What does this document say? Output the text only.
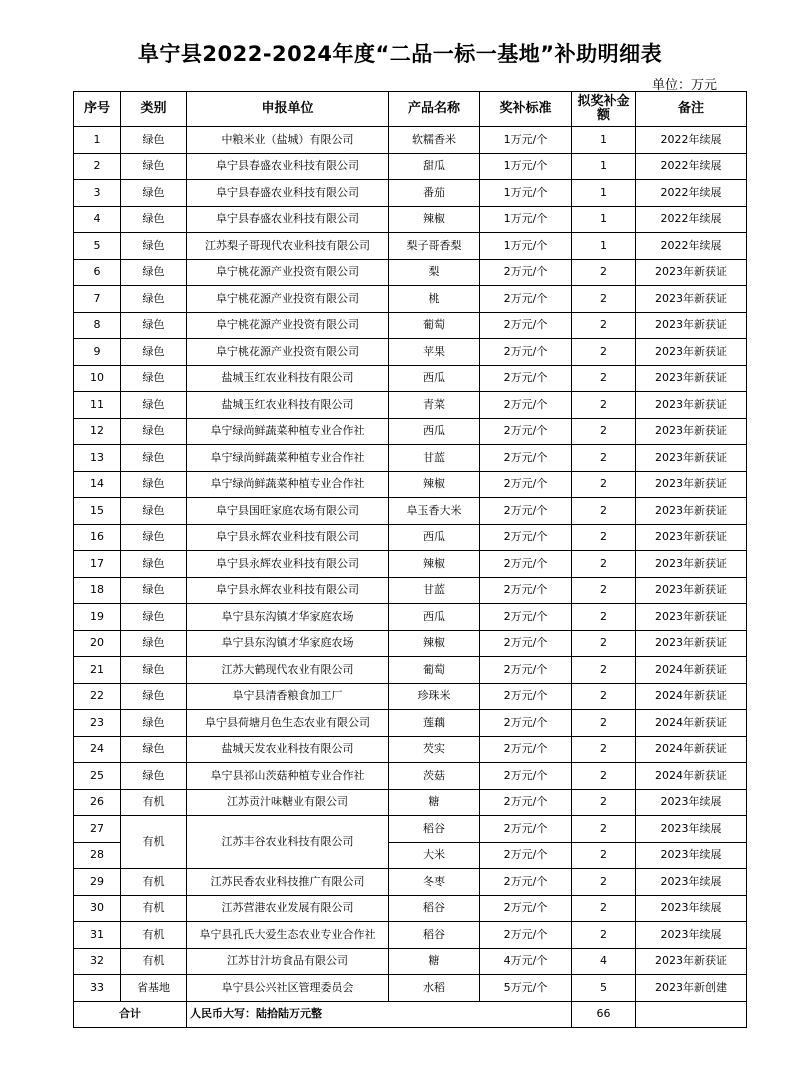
阜宁县2022-2024年度“二品一标一基地”补助明细表
单位：万元
序号	类别	申报单位	产品名称	奖补标准	拟奖补金额	备注
1	绿色	中粮米业（盐城）有限公司	软糯香米	1万元/个	1	2022年续展
2	绿色	阜宁县春盛农业科技有限公司	甜瓜	1万元/个	1	2022年续展
3	绿色	阜宁县春盛农业科技有限公司	番茄	1万元/个	1	2022年续展
4	绿色	阜宁县春盛农业科技有限公司	辣椒	1万元/个	1	2022年续展
5	绿色	江苏梨子哥现代农业科技有限公司	梨子哥香梨	1万元/个	1	2022年续展
6	绿色	阜宁桃花源产业投资有限公司	梨	2万元/个	2	2023年新获证
7	绿色	阜宁桃花源产业投资有限公司	桃	2万元/个	2	2023年新获证
8	绿色	阜宁桃花源产业投资有限公司	葡萄	2万元/个	2	2023年新获证
9	绿色	阜宁桃花源产业投资有限公司	苹果	2万元/个	2	2023年新获证
10	绿色	盐城玉红农业科技有限公司	西瓜	2万元/个	2	2023年新获证
11	绿色	盐城玉红农业科技有限公司	青菜	2万元/个	2	2023年新获证
12	绿色	阜宁绿尚鲜蔬菜种植专业合作社	西瓜	2万元/个	2	2023年新获证
13	绿色	阜宁绿尚鲜蔬菜种植专业合作社	甘蓝	2万元/个	2	2023年新获证
14	绿色	阜宁绿尚鲜蔬菜种植专业合作社	辣椒	2万元/个	2	2023年新获证
15	绿色	阜宁县国旺家庭农场有限公司	阜玉香大米	2万元/个	2	2023年新获证
16	绿色	阜宁县永辉农业科技有限公司	西瓜	2万元/个	2	2023年新获证
17	绿色	阜宁县永辉农业科技有限公司	辣椒	2万元/个	2	2023年新获证
18	绿色	阜宁县永辉农业科技有限公司	甘蓝	2万元/个	2	2023年新获证
19	绿色	阜宁县东沟镇才华家庭农场	西瓜	2万元/个	2	2023年新获证
20	绿色	阜宁县东沟镇才华家庭农场	辣椒	2万元/个	2	2023年新获证
21	绿色	江苏大鹤现代农业有限公司	葡萄	2万元/个	2	2024年新获证
22	绿色	阜宁县清香粮食加工厂	珍珠米	2万元/个	2	2024年新获证
23	绿色	阜宁县荷塘月色生态农业有限公司	莲藕	2万元/个	2	2024年新获证
24	绿色	盐城天发农业科技有限公司	芡实	2万元/个	2	2024年新获证
25	绿色	阜宁县祁山茨菇种植专业合作社	茨菇	2万元/个	2	2024年新获证
26	有机	江苏贡汁味糖业有限公司	糖	2万元/个	2	2023年续展
27	有机	江苏丰谷农业科技有限公司	稻谷	2万元/个	2	2023年续展
28			大米	2万元/个	2	2023年续展
29	有机	江苏民香农业科技推广有限公司	冬枣	2万元/个	2	2023年续展
30	有机	江苏营港农业发展有限公司	稻谷	2万元/个	2	2023年续展
31	有机	阜宁县孔氏大爱生态农业专业合作社	稻谷	2万元/个	2	2023年续展
32	有机	江苏甘汁坊食品有限公司	糖	4万元/个	4	2023年新获证
33	省基地	阜宁县公兴社区管理委员会	水稻	5万元/个	5	2023年新创建
合计		人民币大写：陆拾陆万元整			66	
